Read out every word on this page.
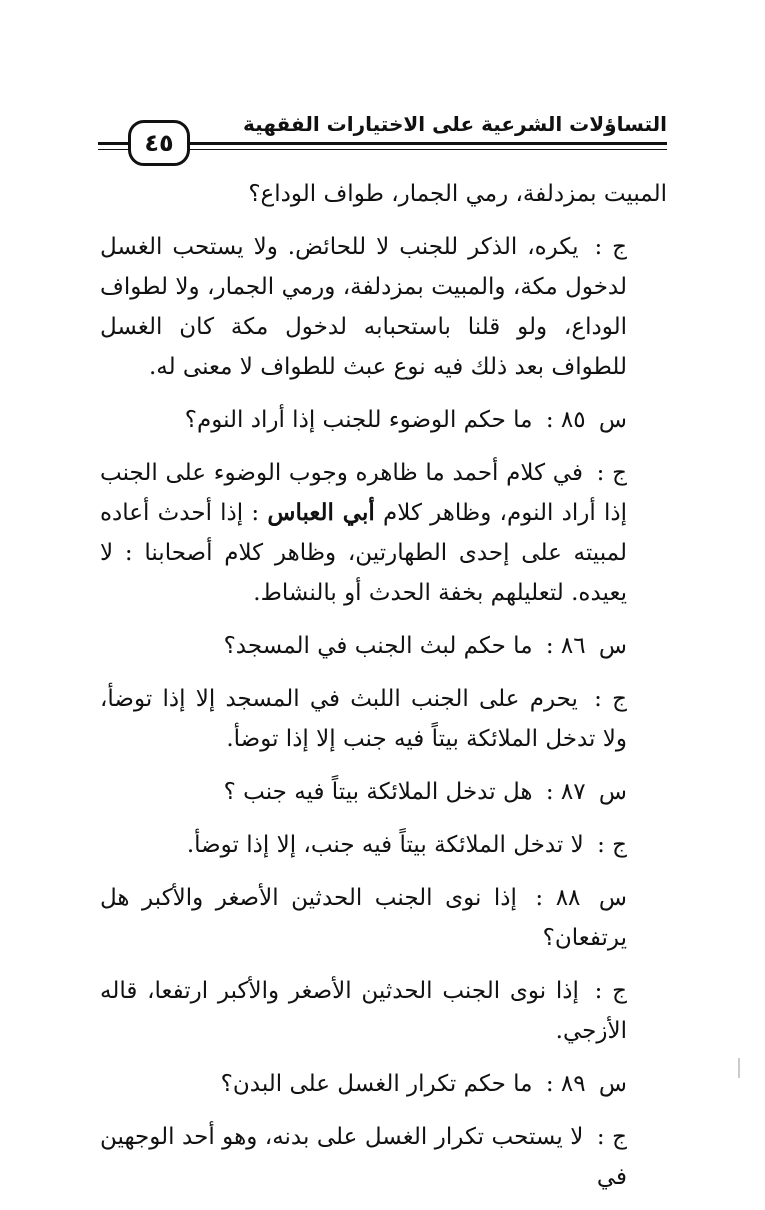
التساؤلات الشرعية على الاختيارات الفقهية
٤٥

المبيت بمزدلفة، رمي الجمار، طواف الوداع؟

ج : يكره، الذكر للجنب لا للحائض. ولا يستحب الغسل لدخول مكة، والمبيت بمزدلفة، ورمي الجمار، ولا لطواف الوداع، ولو قلنا باستحبابه لدخول مكة كان الغسل للطواف بعد ذلك فيه نوع عبث للطواف لا معنى له.

س ٨٥ : ما حكم الوضوء للجنب إذا أراد النوم؟

ج : في كلام أحمد ما ظاهره وجوب الوضوء على الجنب إذا أراد النوم، وظاهر كلام أبي العباس : إذا أحدث أعاده لمبيته على إحدى الطهارتين، وظاهر كلام أصحابنا : لا يعيده. لتعليلهم بخفة الحدث أو بالنشاط.

س ٨٦ : ما حكم لبث الجنب في المسجد؟

ج : يحرم على الجنب اللبث في المسجد إلا إذا توضأ، ولا تدخل الملائكة بيتاً فيه جنب إلا إذا توضأ.

س ٨٧ : هل تدخل الملائكة بيتاً فيه جنب ؟

ج : لا تدخل الملائكة بيتاً فيه جنب، إلا إذا توضأ.

س ٨٨ : إذا نوى الجنب الحدثين الأصغر والأكبر هل يرتفعان؟

ج : إذا نوى الجنب الحدثين الأصغر والأكبر ارتفعا، قاله الأزجي.

س ٨٩ : ما حكم تكرار الغسل على البدن؟

ج : لا يستحب تكرار الغسل على بدنه، وهو أحد الوجهين في
